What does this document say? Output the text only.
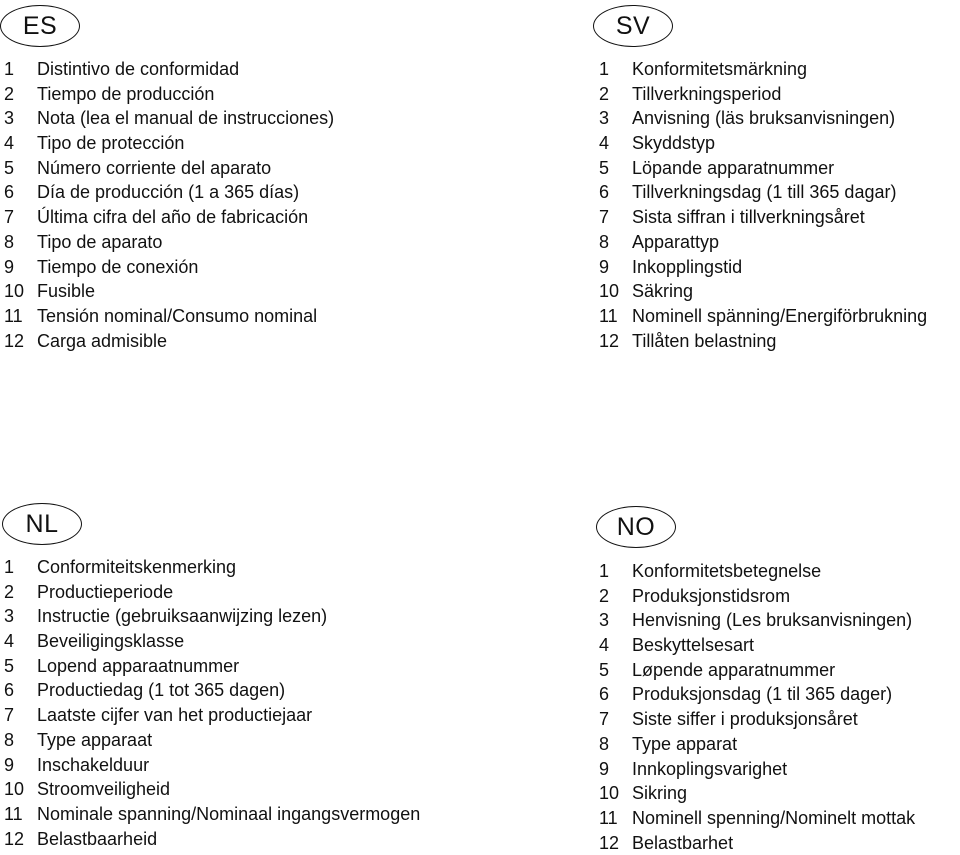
ES
1 Distintivo de conformidad
2 Tiempo de producción
3 Nota (lea el manual de instrucciones)
4 Tipo de protección
5 Número corriente del aparato
6 Día de producción (1 a 365 días)
7 Última cifra del año de fabricación
8 Tipo de aparato
9 Tiempo de conexión
10 Fusible
11 Tensión nominal/Consumo nominal
12 Carga admisible
SV
1 Konformitetsmärkning
2 Tillverkningsperiod
3 Anvisning (läs bruksanvisningen)
4 Skyddstyp
5 Löpande apparatnummer
6 Tillverkningsdag (1 till 365 dagar)
7 Sista siffran i tillverkningsåret
8 Apparattyp
9 Inkopplingstid
10 Säkring
11 Nominell spänning/Energiförbrukning
12 Tillåten belastning
NL
1 Conformiteitskenmerking
2 Productieperiode
3 Instructie (gebruiksaanwijzing lezen)
4 Beveiligingsklasse
5 Lopend apparaatnummer
6 Productiedag (1 tot 365 dagen)
7 Laatste cijfer van het productiejaar
8 Type apparaat
9 Inschakelduur
10 Stroomveiligheid
11 Nominale spanning/Nominaal ingangsvermogen
12 Belastbaarheid
NO
1 Konformitetsbetegnelse
2 Produksjonstidsrom
3 Henvisning (Les bruksanvisningen)
4 Beskyttelsesart
5 Løpende apparatnummer
6 Produksjonsdag (1 til 365 dager)
7 Siste siffer i produksjonsåret
8 Type apparat
9 Innkoplingsvarighet
10 Sikring
11 Nominell spenning/Nominelt mottak
12 Belastbarhet
